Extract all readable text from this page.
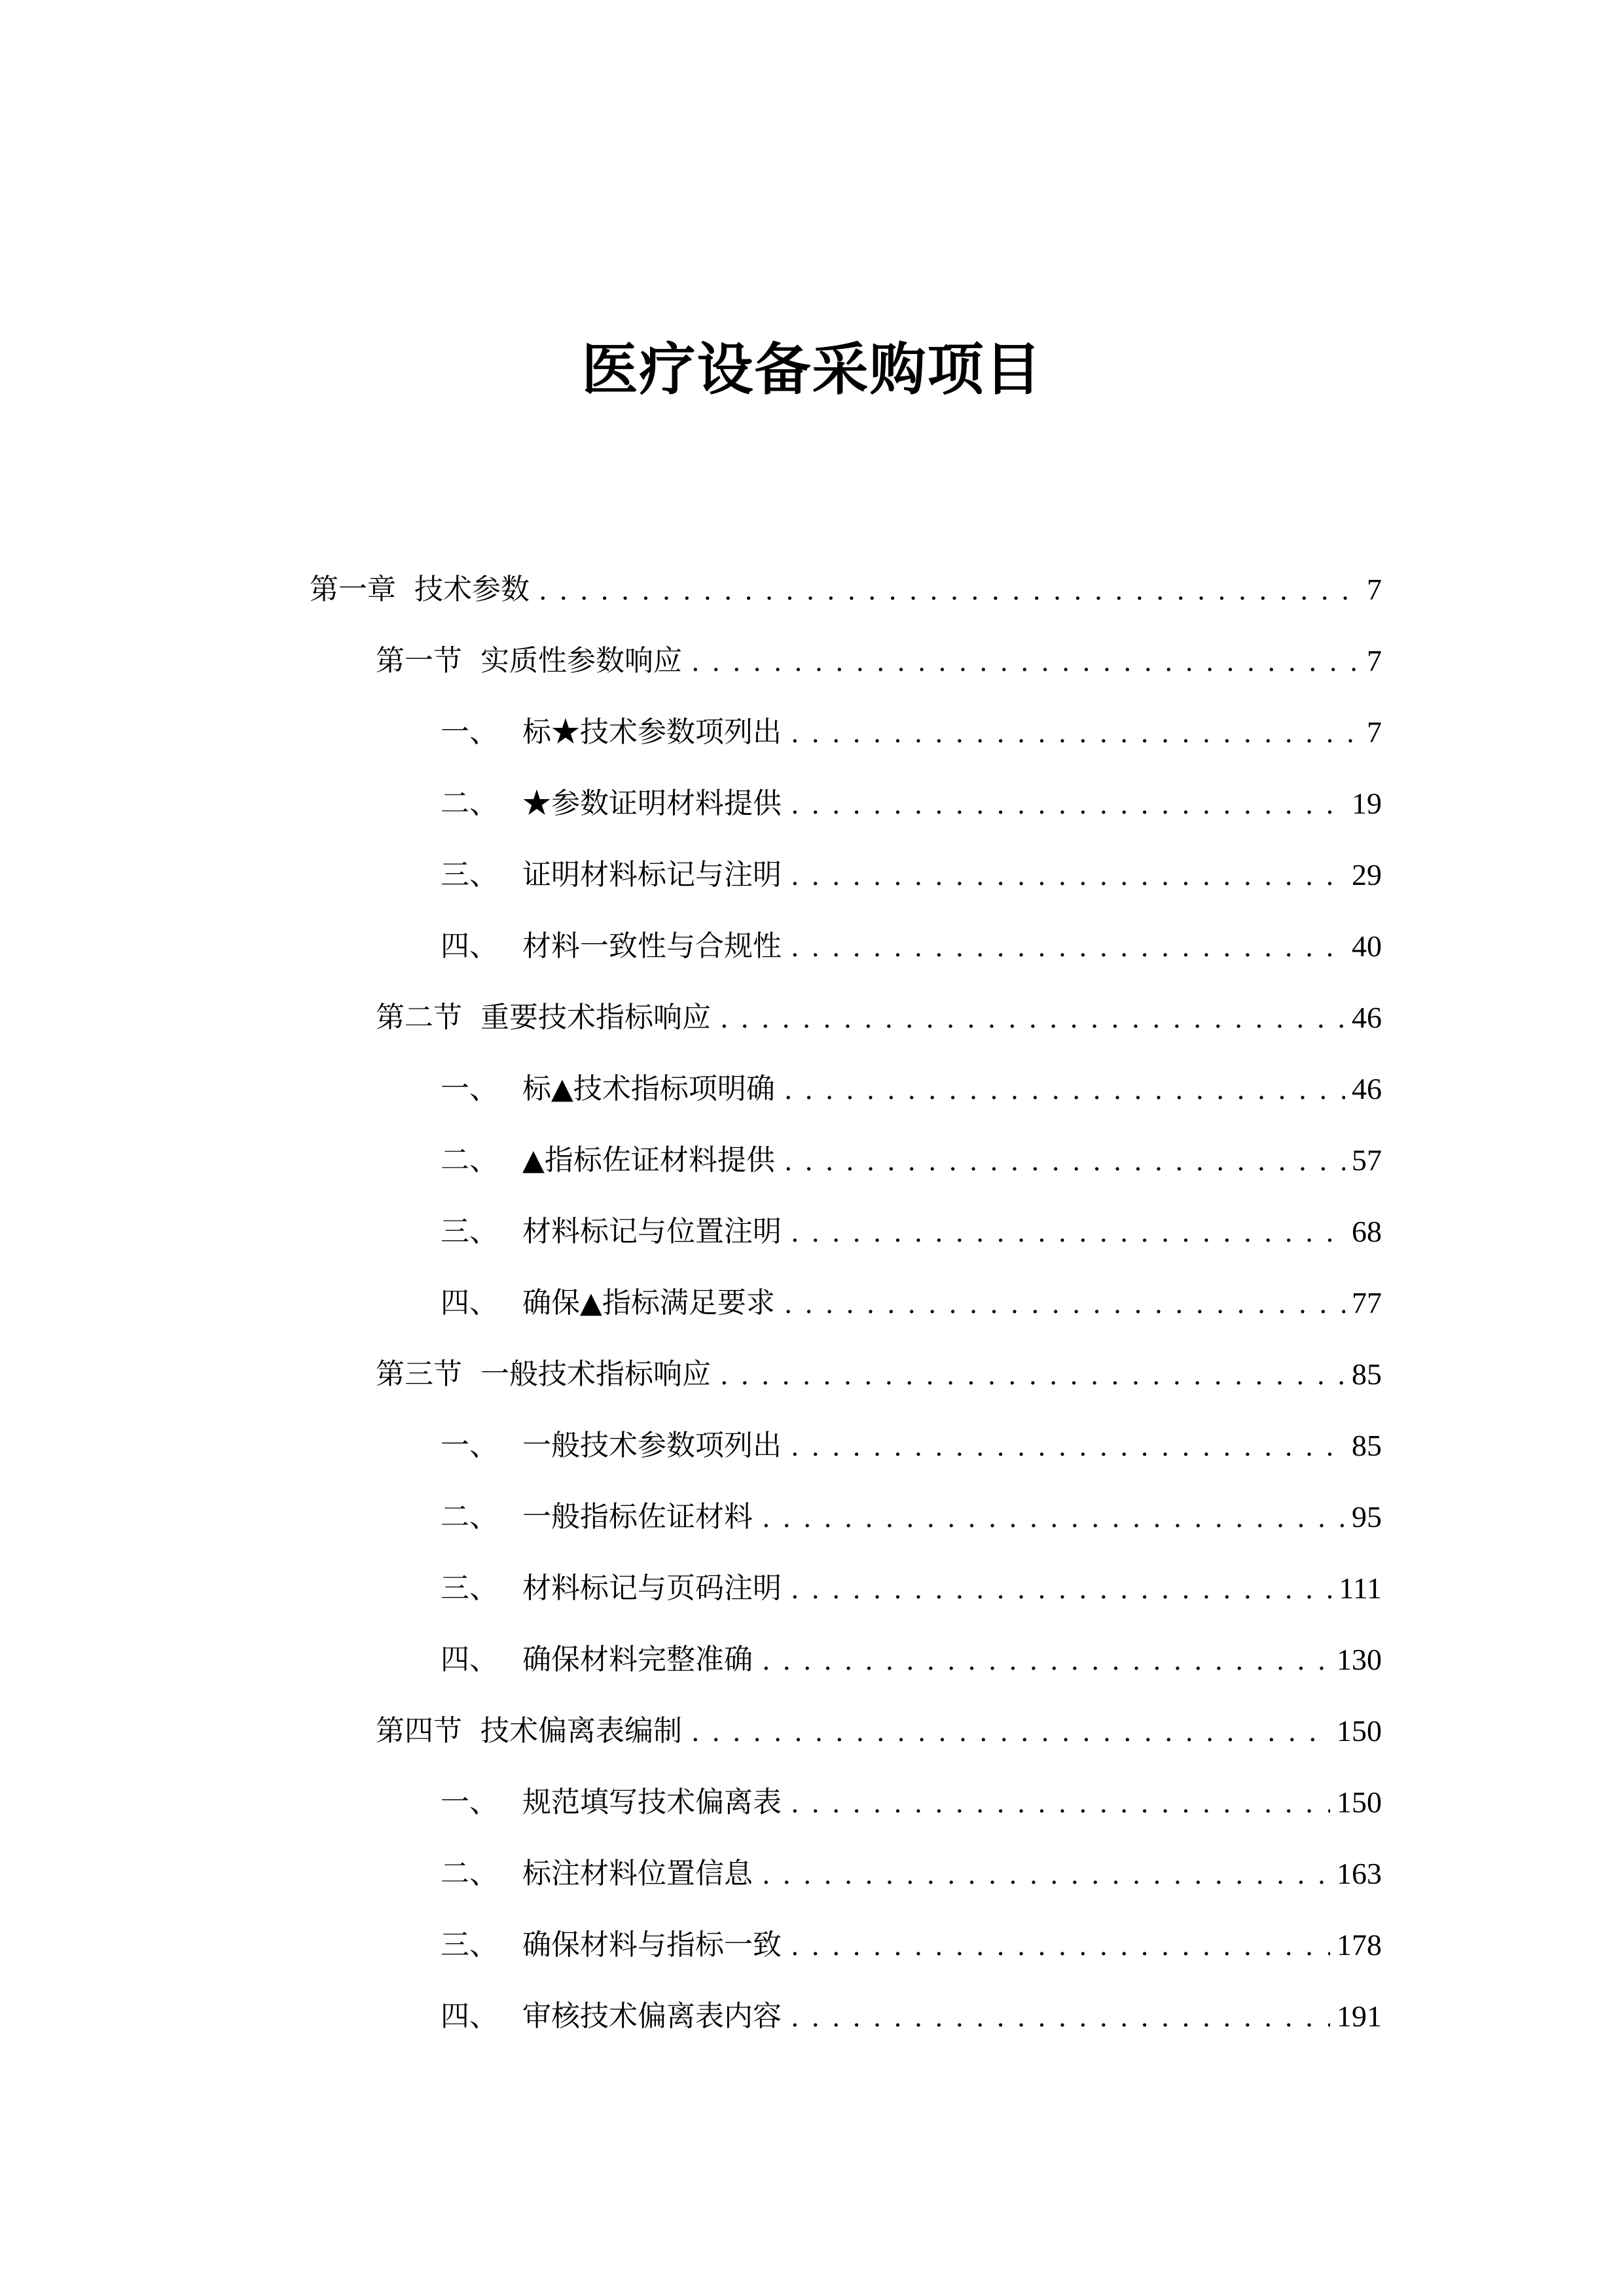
医疗设备采购项目
第一章 技术参数 . . .	7
第一节 实质性参数响应 . . .	7
一、 标★技术参数项列出 . . .	7
二、 ★参数证明材料提供 . . .	19
三、 证明材料标记与注明 . . .	29
四、 材料一致性与合规性 . . .	40
第二节 重要技术指标响应 . . .	46
一、 标▲技术指标项明确 . . .	46
二、 ▲指标佐证材料提供 . . .	57
三、 材料标记与位置注明 . . .	68
四、 确保▲指标满足要求 . . .	77
第三节 一般技术指标响应 . . .	85
一、 一般技术参数项列出 . . .	85
二、 一般指标佐证材料 . . .	95
三、 材料标记与页码注明 . . .	111
四、 确保材料完整准确 . . .	130
第四节 技术偏离表编制 . . .	150
一、 规范填写技术偏离表 . . .	150
二、 标注材料位置信息 . . .	163
三、 确保材料与指标一致 . . .	178
四、 审核技术偏离表内容 . . .	191
